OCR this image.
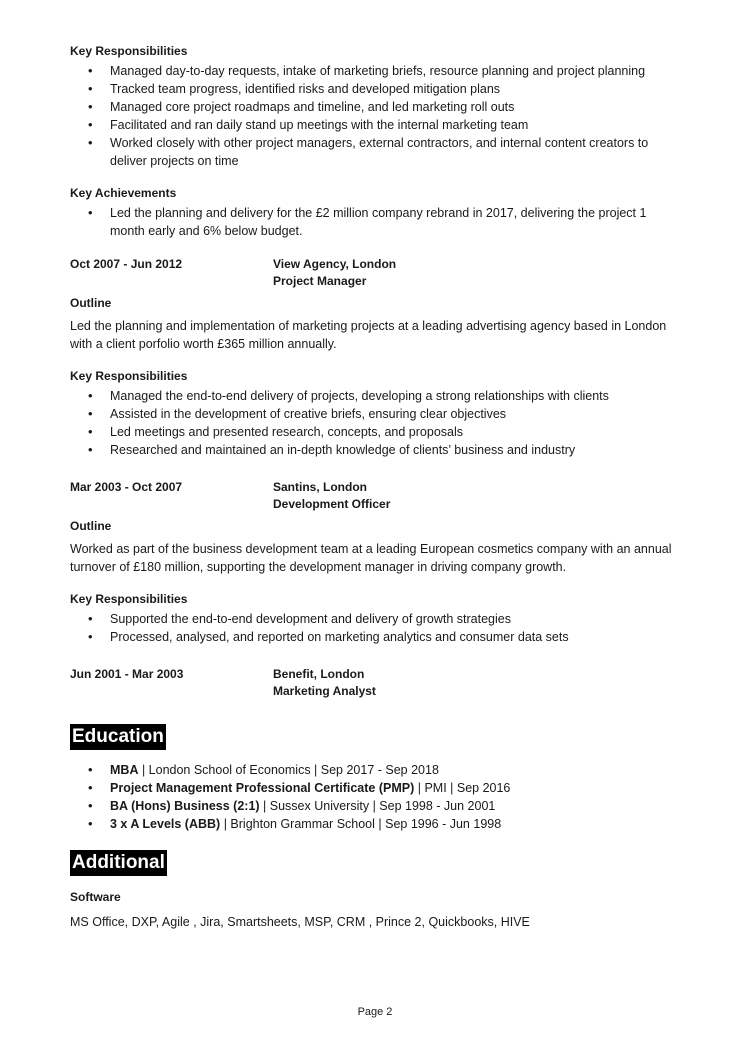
Key Responsibilities

• Managed day-to-day requests, intake of marketing briefs, resource planning and project planning
• Tracked team progress, identified risks and developed mitigation plans
• Managed core project roadmaps and timeline, and led marketing roll outs
• Facilitated and ran daily stand up meetings with the internal marketing team
• Worked closely with other project managers, external contractors, and internal content creators to deliver projects on time

Key Achievements

• Led the planning and delivery for the £2 million company rebrand in 2017, delivering the project 1 month early and 6% below budget.
Oct 2007 - Jun 2012	View Agency, London
Project Manager

Outline

Led the planning and implementation of marketing projects at a leading advertising agency based in London with a client porfolio worth £365 million annually.

Key Responsibilities

• Managed the end-to-end delivery of projects, developing a strong relationships with clients
• Assisted in the development of creative briefs, ensuring clear objectives
• Led meetings and presented research, concepts, and proposals
• Researched and maintained an in-depth knowledge of clients’ business and industry
Mar 2003 - Oct 2007	Santins, London
Development Officer

Outline

Worked as part of the business development team at a leading European cosmetics company with an annual turnover of £180 million, supporting the development manager in driving company growth.

Key Responsibilities

• Supported the end-to-end development and delivery of growth strategies
• Processed, analysed, and reported on marketing analytics and consumer data sets
Jun 2001 - Mar 2003	Benefit, London
Marketing Analyst
Education
• MBA | London School of Economics | Sep 2017 - Sep 2018
• Project Management Professional Certificate (PMP) | PMI | Sep 2016
• BA (Hons) Business (2:1) | Sussex University | Sep 1998 - Jun 2001
• 3 x A Levels (ABB) | Brighton Grammar School | Sep 1996 - Jun 1998
Additional

Software

MS Office, DXP, Agile , Jira, Smartsheets, MSP, CRM , Prince 2, Quickbooks, HIVE

Page 2
